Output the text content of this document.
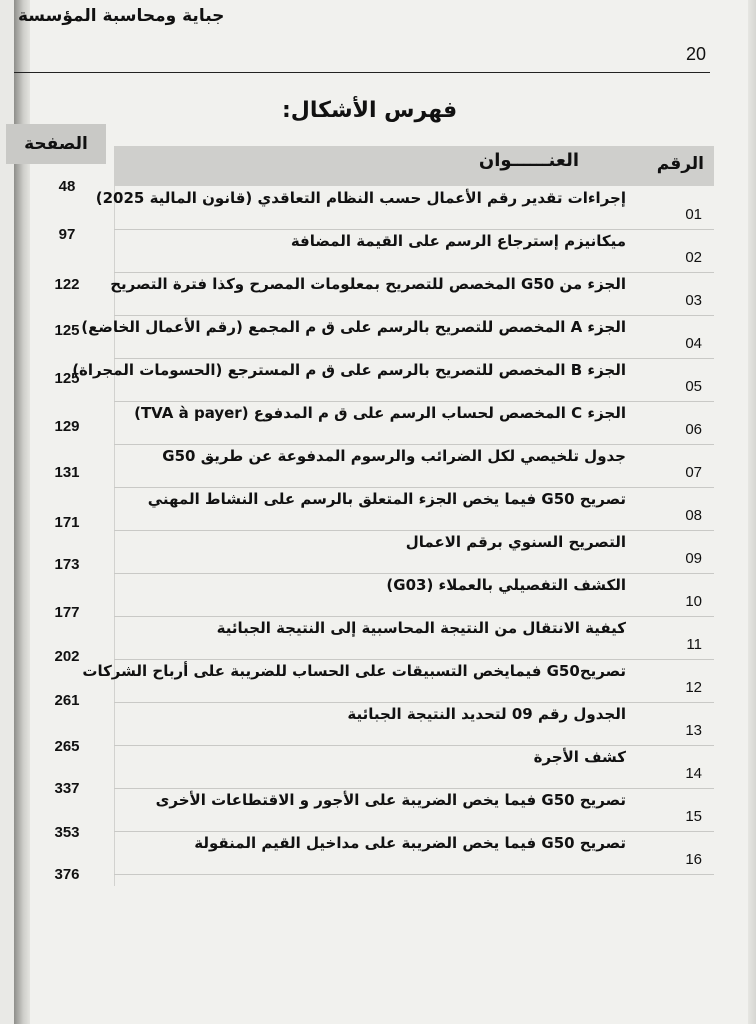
جباية ومحاسبة المؤسسة
20
فهرس الأشكال:
الصفحة
العنــــــوان	الرقم
01
إجراءات تقدير رقم الأعمال حسب النظام التعاقدي (قانون المالية 2025)
48
02
ميكانيزم إسترجاع الرسم على القيمة المضافة
97
03
الجزء من G50 المخصص للتصريح بمعلومات المصرح وكذا فترة التصريح
122
04
الجزء A المخصص للتصريح بالرسم على ق م المجمع (رقم الأعمال الخاضع)
125
05
الجزء B المخصص للتصريح بالرسم على ق م المسترجع (الحسومات المجراة)
125
06
الجزء C المخصص لحساب الرسم على ق م المدفوع (TVA à payer)
129
07
جدول تلخيصي لكل الضرائب والرسوم المدفوعة عن طريق G50
131
08
تصريح G50 فيما يخص الجزء المتعلق بالرسم على النشاط المهني
171
09
التصريح السنوي برقم الاعمال
173
10
الكشف التفصيلي بالعملاء (G03)
177
11
كيفية الانتقال من النتيجة المحاسبية إلى النتيجة الجبائية
202
12
تصريحG50 فيمايخص التسبيقات على الحساب للضريبة على أرباح الشركات
261
13
الجدول رقم 09 لتحديد النتيجة الجبائية
265
14
كشف الأجرة
337
15
تصريح G50 فيما يخص الضريبة على الأجور و الاقتطاعات الأخرى
353
16
تصريح G50 فيما يخص الضريبة على مداخيل القيم المنقولة
376
